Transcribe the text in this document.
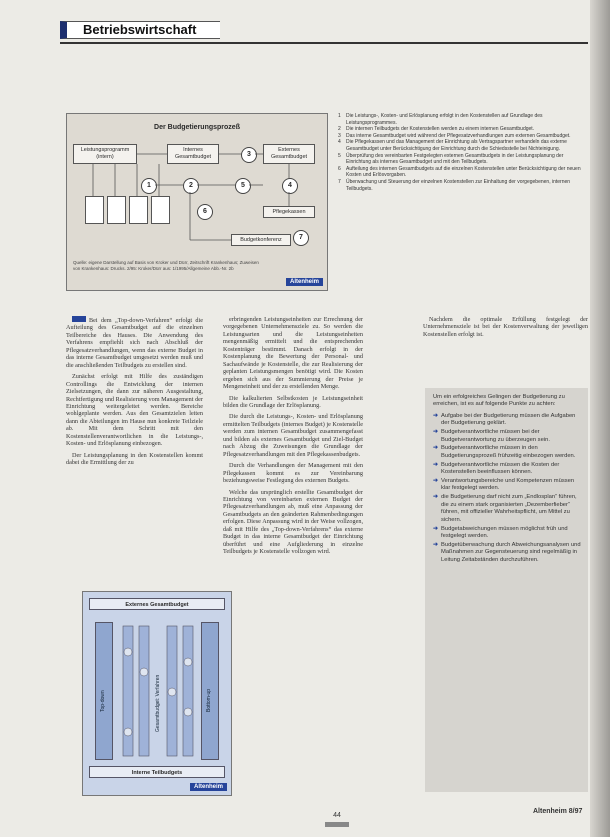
Betriebswirtschaft
Der Budgetierungsprozeß
Leistungsprogramm (intern)
Internes Gesamtbudget
Externes Gesamtbudget
Pflegekassen
Budgetkonferenz
1	2
3
4
5
6
7
Quelle: eigene Darstellung auf Basis von Kroker und Dürr, Zeitschrift Krankenhaus; Zuweisen von Krankenhaus: Drucks. 2/95: Kroker/Dürr aus: 1/1995/Allgemeine Abb.-Nr. 2b
Altenheim
1 Die Leistungs-, Kosten- und Erlösplanung erfolgt in den Kostenstellen auf Grundlage des Leistungsprogrammes.
2 Die internen Teilbudgets der Kostenstellen werden zu einem internen Gesamtbudget.
3 Das interne Gesamtbudget wird während der Pflegesatzverhandlungen zum externen Gesamtbudget.
4 Die Pflegekassen und das Management der Einrichtung als Vertragspartner verhandeln das externe Gesamtbudget unter Berücksichtigung der Einrichtung durch die Schiedsstelle bei Nichteinigung.
5 Überprüfung des vereinbarten Festgelegten externen Gesamtbudgets in der Leistungsplanung der Einrichtung als internes Gesamtbudget und mit den Teilbudgets.
6 Aufteilung des internen Gesamtbudgets auf die einzelnen Kostenstellen unter Berücksichtigung der neuen Kosten und Erlösvorgaben.
7 Überwachung und Steuerung der einzelnen Kostenstellen zur Einhaltung der vorgegebenen, internen Teilbudgets.

Bei dem „Top-down-Verfahren“ erfolgt die Aufteilung des Gesamtbudget auf die einzelnen Teilbereiche des Hauses. Die Anwendung des Verfahrens empfiehlt sich nach Abschluß der Pflegesatzverhandlungen, wenn das externe Budget in das interne Gesamtbudget umgesetzt werden muß und die anschließenden Teilbudgets zu erstellen sind.

Zunächst erfolgt mit Hilfe des zuständigen Controllings die Entwicklung der internen Zielsetzungen, die dann zur näheren Ausgestaltung, Rechtfertigung und Realisierung vom Management der Einrichtung weitergeleitet werden. Bereiche wohlgeplante werden. Aus den Gesamtzielen leiten dann die Abteilungen im Hause nun konkrete Teilziele ab. Mit dem Schritt mit den Kostenstellenverantwortlichen in die Leistungs-, Kosten- und Erlösplanung einbezogen.

Der Leistungsplanung in den Kostenstellen kommt dabei die Ermittlung der zu

erbringenden Leistungseinheiten zur Errechnung der vorgegebenen Unternehmensziele zu. So werden die Leistungsarten und die Leistungseinheiten mengenmäßig ermittelt und die entsprechenden Kostenträger bestimmt. Danach erfolgt in der Kostenplanung die Bewertung der Personal- und Sachaufwände je Kostenstelle, die zur Realisierung der geplanten Leistungsmengen benötigt wird. Die Kosten ergeben sich aus der Summierung der Preise je Mengeneinheit und der zu erstellenden Menge.

Die kalkulierten Selbstkosten je Leistungseinheit bilden die Grundlage der Erlösplanung.

Die durch die Leistungs-, Kosten- und Erlösplanung ermittelten Teilbudgets (internes Budget) je Kostenstelle werden zum internen Gesamtbudget zusammengefasst und bilden als externes Gesamtbudget und Ziel-Budget nach Abzug die Zuweisungen die Grundlage der Pflegesatzverhandlungen mit den Pflegekassenbudgets.

Durch die Verhandlungen der Management mit den Pflegekassen kommt es zur Vereinbarung beziehungsweise Festlegung des externen Budgets.

Welche das ursprünglich erstellte Gesamtbudget der Einrichtung von vereinbarten externen Budget der Pflegesatzverhandlungen ab, muß eine Anpassung der Gesamtbudgets an den geänderten Rahmenbedingungen erfolgen. Diese Anpassung wird in der Weise vollzogen, daß mit Hilfe des „Top-down-Verfahrens“ das externe Budget in das interne Gesamtbudget der Einrichtung überführt und eine Aufgliederung in einzelne Teilbudgets je Kostenstelle vollzogen wird.

Nachdem die optimale Erfüllung festgelegt der Unternehmensziele ist bei der Kostenverwaltung der jeweiligen Kostenstellen erfolgt ist.

Um ein erfolgreiches Gelingen der Budgetierung zu erreichen, ist es auf folgende Punkte zu achten:

➜ Aufgabe bei der Budgetierung müssen die Aufgaben der Budgetierung geklärt.
➜ Budgetverantwortliche müssen bei der Budgetverantwortung zu überzeugen sein.
➜ Budgetverantwortliche müssen in den Budgetierungsprozeß frühzeitig einbezogen werden.
➜ Budgetverantwortliche müssen die Kosten der Kostenstellen beeinflussen können.
➜ Verantwortungsbereiche und Kompetenzen müssen klar festgelegt werden.
➜ die Budgetierung darf nicht zum „Endlosplan“ führen, die zu einem stark organisierten „Dezemberfieber“ führen, mit offizieller Wahrheitspflicht, um Mittel zu sichern.
➜ Budgetabweichungen müssen möglichst früh und festgelegt werden.
➜ Budgetüberwachung durch Abweichungsanalysen und Maßnahmen zur Gegensteuerung sind regelmäßig in Leitung Zeitabständen durchzuführen.
Externes Gesamtbudget
Interne Teilbudgets
Top-down	Gesamtbudget: Verfahren	Bottom-up
Altenheim
44
Altenheim 8/97
